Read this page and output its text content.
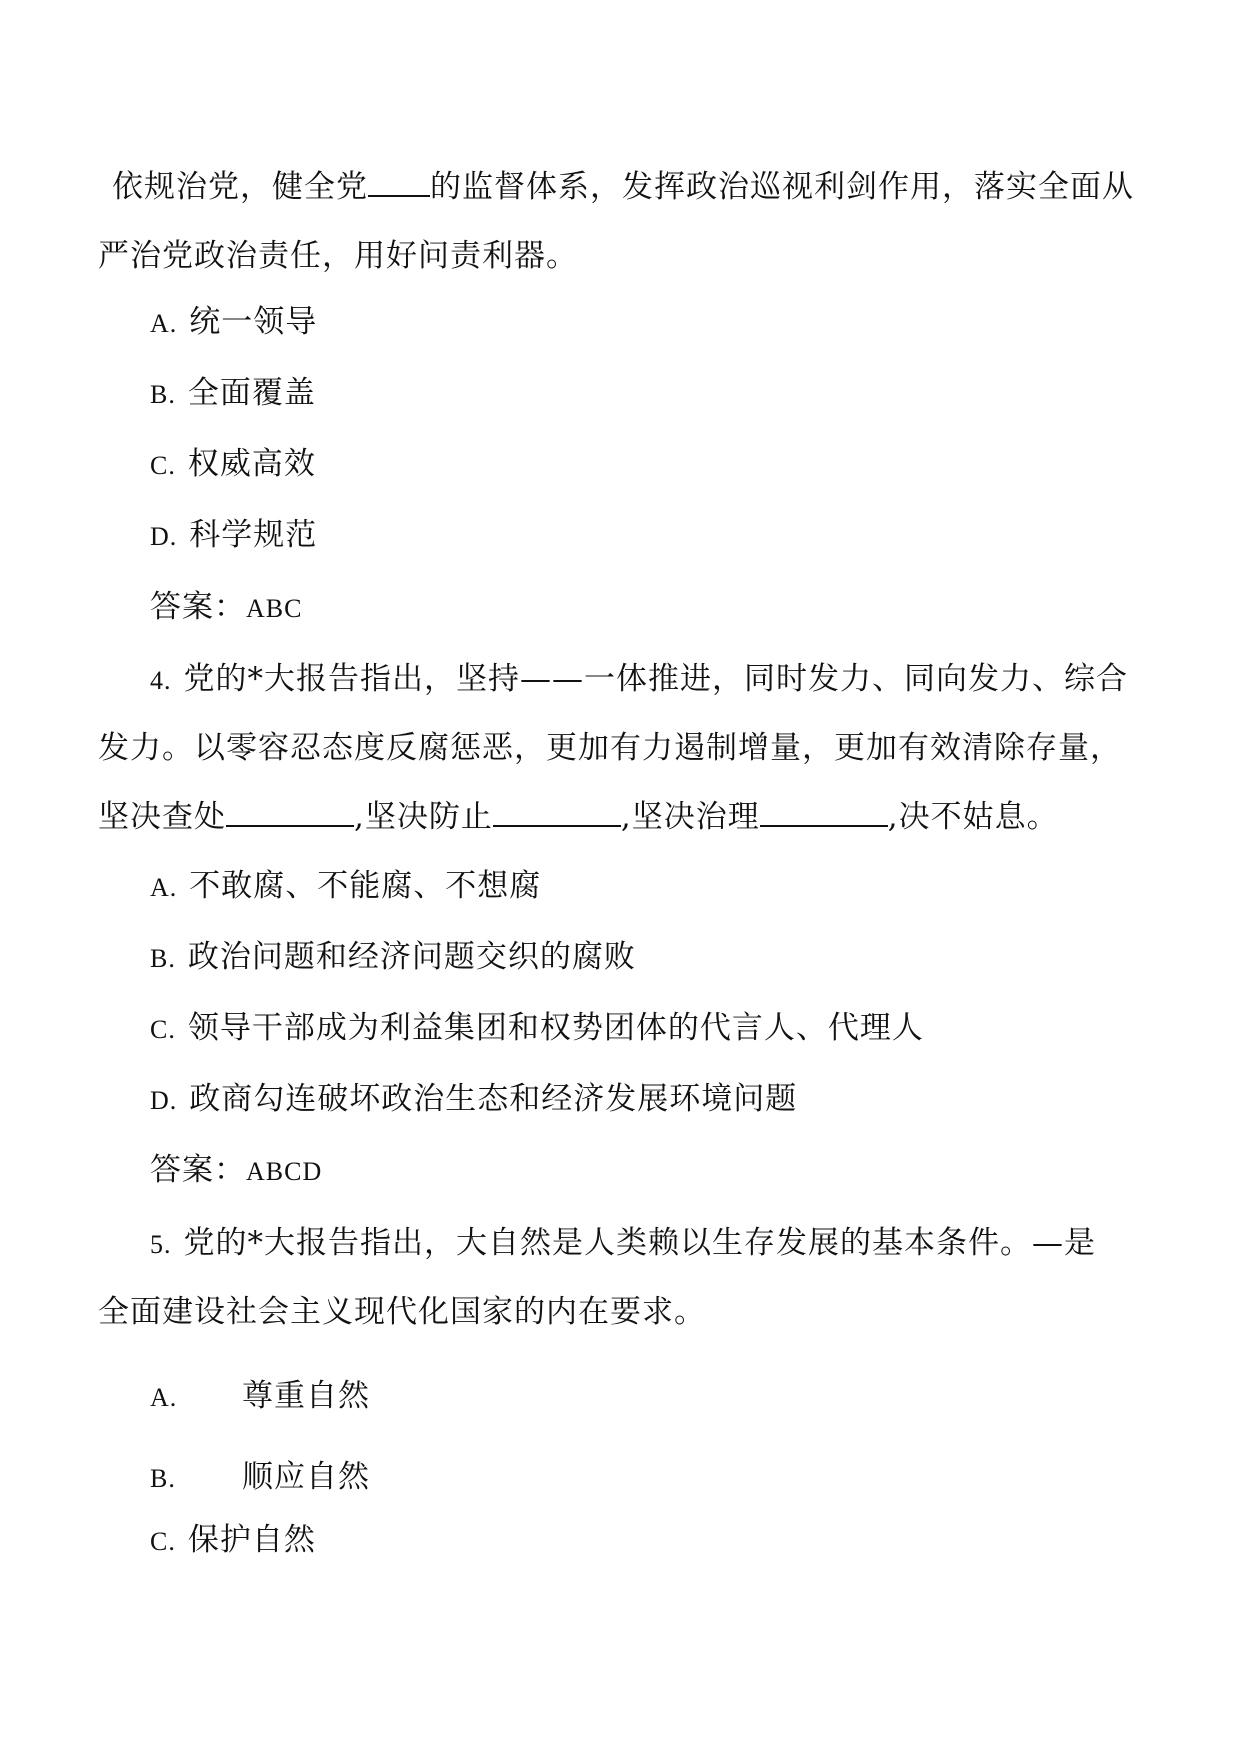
依规治党，健全党 的监督体系，发挥政治巡视利剑作用，落实全面从
严治党政治责任，用好问责利器。
A. 统一领导
B. 全面覆盖
C. 权威高效
D. 科学规范
答案：ABC
4. 党的*大报告指出，坚持——一体推进，同时发力、同向发力、综合
发力。以零容忍态度反腐惩恶，更加有力遏制增量，更加有效清除存量，
坚决查处	,坚决防止	,坚决治理	,决不姑息。
A. 不敢腐、不能腐、不想腐
B. 政治问题和经济问题交织的腐败
C. 领导干部成为利益集团和权势团体的代言人、代理人
D. 政商勾连破坏政治生态和经济发展环境问题
答案：ABCD
5. 党的*大报告指出，大自然是人类赖以生存发展的基本条件。—是
全面建设社会主义现代化国家的内在要求。
A. 尊重自然
B. 顺应自然
C. 保护自然
